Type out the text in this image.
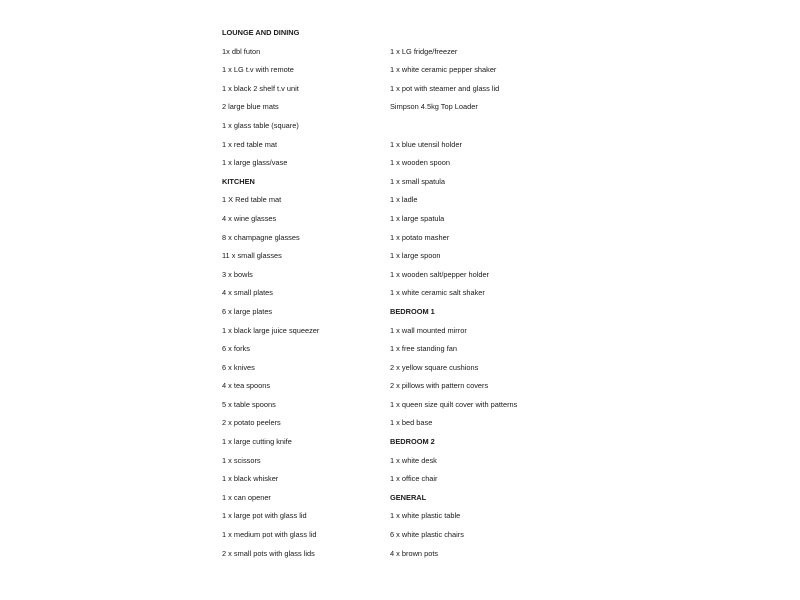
LOUNGE AND DINING
1x dbl futon
1 x LG t.v with remote
1 x black 2 shelf t.v unit
2 large blue mats
1 x glass table (square)
1 x red table mat
1 x large glass/vase
KITCHEN
1 X Red table mat
4 x wine glasses
8 x champagne glasses
11 x small glasses
3 x bowls
4 x small plates
6 x large plates
1 x black large juice squeezer
6 x forks
6 x knives
4 x tea spoons
5 x table spoons
2 x potato peelers
1 x large cutting knife
1 x scissors
1 x black whisker
1 x can opener
1 x large pot with glass lid
1 x medium pot with glass lid
2 x small pots with glass lids
1 x LG fridge/freezer
1 x white ceramic pepper shaker
1 x pot with steamer and glass lid
Simpson 4.5kg Top Loader
1 x blue utensil holder
1 x wooden spoon
1 x small spatula
1 x ladle
1 x large spatula
1 x potato masher
1 x large spoon
1 x wooden salt/pepper holder
1 x white ceramic salt shaker
BEDROOM 1
1 x wall mounted mirror
1 x free standing fan
2 x yellow square cushions
2 x pillows with pattern covers
1 x queen size quilt cover with patterns
1 x bed base
BEDROOM 2
1 x white desk
1 x office chair
GENERAL
1 x white plastic table
6 x white plastic chairs
4 x brown pots
